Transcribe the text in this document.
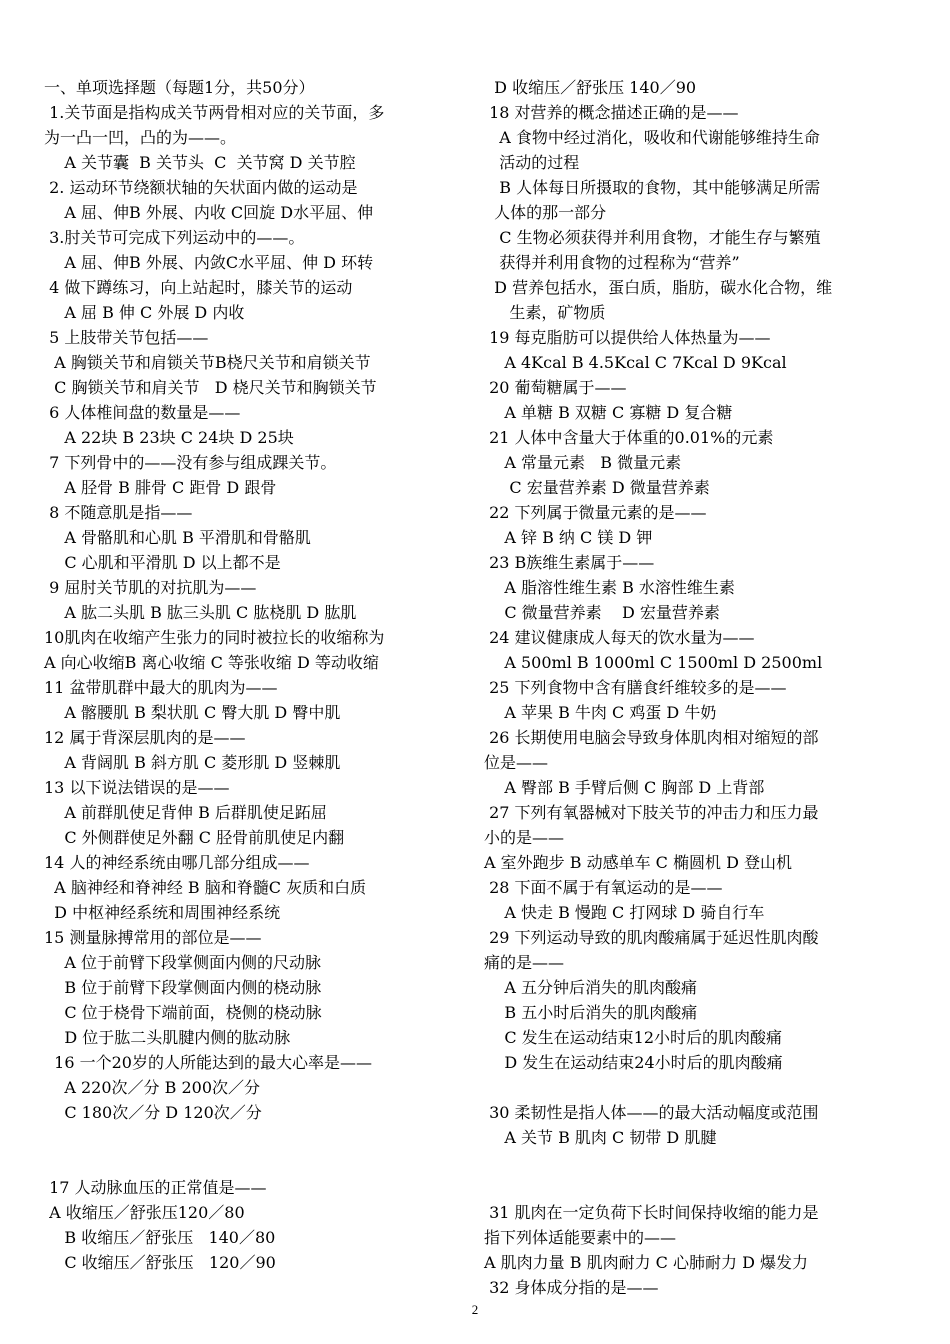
一、单项选择题（每题1分，共50分）
1.关节面是指构成关节两骨相对应的关节面，多
为一凸一凹，凸的为——。
A 关节囊  B 关节头  C  关节窝 D 关节腔
2. 运动环节绕额状轴的矢状面内做的运动是
A 屈、伸B 外展、内收 C回旋 D水平屈、伸
3.肘关节可完成下列运动中的——。
A 屈、伸B 外展、内敛C水平屈、伸 D 环转
4 做下蹲练习，向上站起时，膝关节的运动
A 屈 B 伸 C 外展 D 内收
5 上肢带关节包括——
A 胸锁关节和肩锁关节B桡尺关节和肩锁关节
C 胸锁关节和肩关节   D 桡尺关节和胸锁关节
6 人体椎间盘的数量是——
A 22块 B 23块 C 24块 D 25块
7 下列骨中的——没有参与组成踝关节。
A 胫骨 B 腓骨 C 距骨 D 跟骨
8 不随意肌是指——
A 骨骼肌和心肌 B 平滑肌和骨骼肌
C 心肌和平滑肌 D 以上都不是
9 屈肘关节肌的对抗肌为——
A 肱二头肌 B 肱三头肌 C 肱桡肌 D 肱肌
10肌肉在收缩产生张力的同时被拉长的收缩称为
A 向心收缩B 离心收缩 C 等张收缩 D 等动收缩
11 盆带肌群中最大的肌肉为——
A 髂腰肌 B 梨状肌 C 臀大肌 D 臀中肌
12 属于背深层肌肉的是——
A 背阔肌 B 斜方肌 C 菱形肌 D 竖棘肌
13 以下说法错误的是——
A 前群肌使足背伸 B 后群肌使足跖屈
C 外侧群使足外翻 C 胫骨前肌使足内翻
14 人的神经系统由哪几部分组成——
A 脑神经和脊神经 B 脑和脊髓C 灰质和白质
D 中枢神经系统和周围神经系统
15 测量脉搏常用的部位是——
A 位于前臂下段掌侧面内侧的尺动脉
B 位于前臂下段掌侧面内侧的桡动脉
C 位于桡骨下端前面，桡侧的桡动脉
D 位于肱二头肌腱内侧的肱动脉
16 一个20岁的人所能达到的最大心率是——
A 220次／分 B 200次／分
C 180次／分 D 120次／分
17 人动脉血压的正常值是——
A 收缩压／舒张压120／80
B 收缩压／舒张压   140／80
C 收缩压／舒张压   120／90
D 收缩压／舒张压 140／90
18 对营养的概念描述正确的是——
A 食物中经过消化，吸收和代谢能够维持生命
活动的过程
B 人体每日所摄取的食物，其中能够满足所需
人体的那一部分
C 生物必须获得并利用食物，才能生存与繁殖
获得并利用食物的过程称为“营养”
D 营养包括水，蛋白质，脂肪，碳水化合物，维
生素，矿物质
19 每克脂肪可以提供给人体热量为——
A 4Kcal B 4.5Kcal C 7Kcal D 9Kcal
20 葡萄糖属于——
A 单糖 B 双糖 C 寡糖 D 复合糖
21 人体中含量大于体重的0.01%的元素
A 常量元素   B 微量元素
C 宏量营养素 D 微量营养素
22 下列属于微量元素的是——
A 锌 B 纳 C 镁 D 钾
23 B族维生素属于——
A 脂溶性维生素 B 水溶性维生素
C 微量营养素    D 宏量营养素
24 建议健康成人每天的饮水量为——
A 500ml B 1000ml C 1500ml D 2500ml
25 下列食物中含有膳食纤维较多的是——
A 苹果 B 牛肉 C 鸡蛋 D 牛奶
26 长期使用电脑会导致身体肌肉相对缩短的部
位是——
A 臀部 B 手臂后侧 C 胸部 D 上背部
27 下列有氧器械对下肢关节的冲击力和压力最
小的是——
A 室外跑步 B 动感单车 C 椭圆机 D 登山机
28 下面不属于有氧运动的是——
A 快走 B 慢跑 C 打网球 D 骑自行车
29 下列运动导致的肌肉酸痛属于延迟性肌肉酸
痛的是——
A 五分钟后消失的肌肉酸痛
B 五小时后消失的肌肉酸痛
C 发生在运动结束12小时后的肌肉酸痛
D 发生在运动结束24小时后的肌肉酸痛
30 柔韧性是指人体——的最大活动幅度或范围
A 关节 B 肌肉 C 韧带 D 肌腱
31 肌肉在一定负荷下长时间保持收缩的能力是
指下列体适能要素中的——
A 肌肉力量 B 肌肉耐力 C 心肺耐力 D 爆发力
32 身体成分指的是——
2
